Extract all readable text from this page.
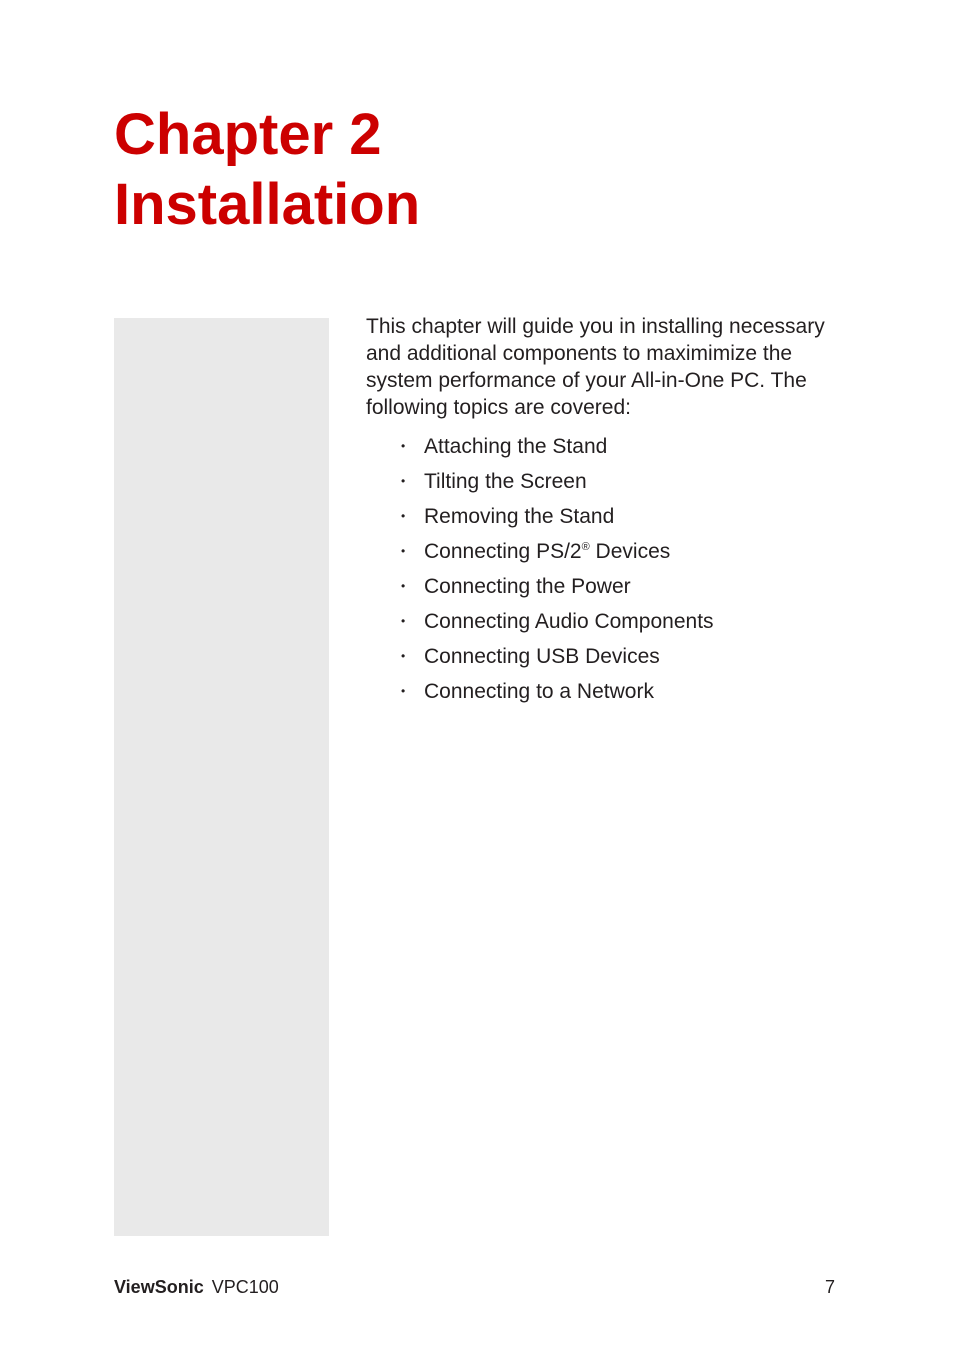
Chapter 2
Installation

This chapter will guide you in installing necessary and additional components to maximimize the system performance of your All-in-One PC. The following topics are covered:

• Attaching the Stand
• Tilting the Screen
• Removing the Stand
• Connecting PS/2® Devices
• Connecting the Power
• Connecting Audio Components
• Connecting USB Devices
• Connecting to a Network
ViewSonic VPC100	7
